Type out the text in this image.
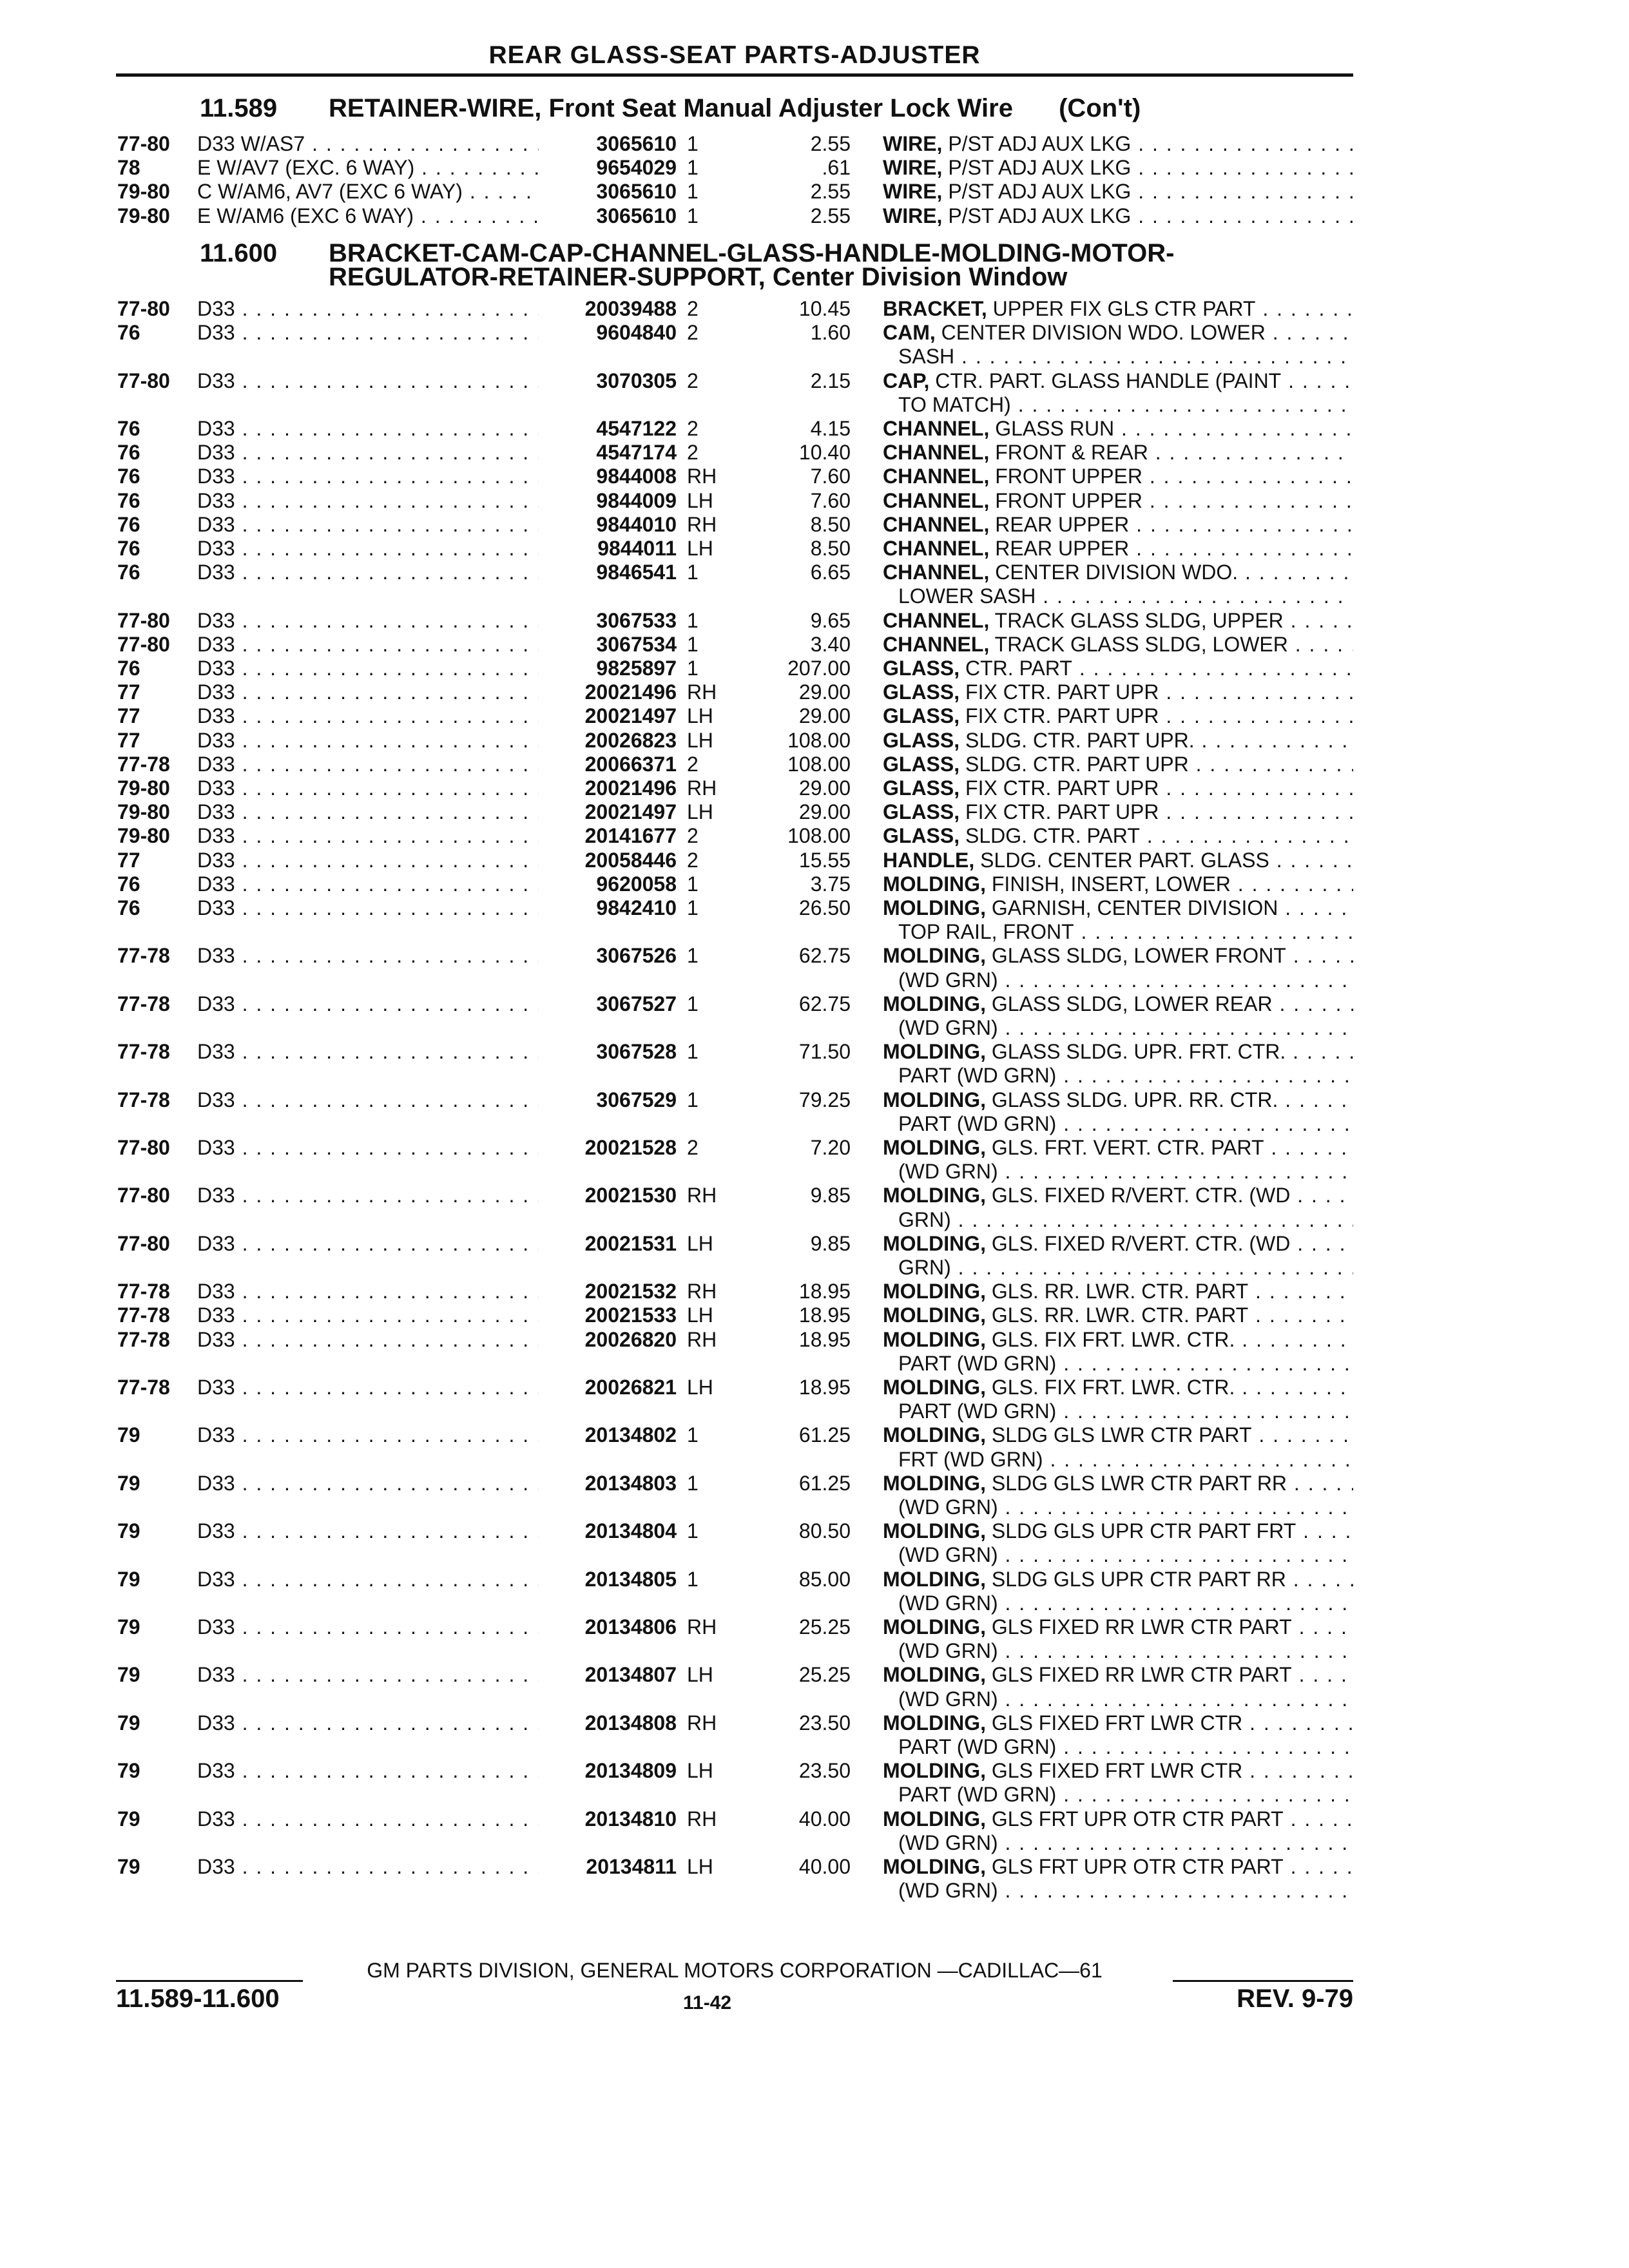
REAR GLASS-SEAT PARTS-ADJUSTER
11.589 RETAINER-WIRE, Front Seat Manual Adjuster Lock Wire (Con't)
11.600 BRACKET-CAM-CAP-CHANNEL-GLASS-HANDLE-MOLDING-MOTOR-
REGULATOR-RETAINER-SUPPORT, Center Division Window
77-80 D33 W/AS7 . . .	3065610 1	2.55 WIRE, P/ST ADJ AUX LKG . . .
78	E W/AV7 (EXC. 6 WAY) . . .	9654029 1	.61 WIRE, P/ST ADJ AUX LKG . . .
79-80 C W/AM6, AV7 (EXC 6 WAY) . . .	3065610 1	2.55 WIRE, P/ST ADJ AUX LKG . . .
79-80 E W/AM6 (EXC 6 WAY) . . .	3065610 1	2.55 WIRE, P/ST ADJ AUX LKG . . .
77-80 D33 . . .	20039488 2	10.45 BRACKET, UPPER FIX GLS CTR PART . . .
76	D33 . . .	9604840 2	1.60 CAM, CENTER DIVISION WDO. LOWER . . .
SASH . . .
77-80 D33 . . .	3070305 2	2.15 CAP, CTR. PART. GLASS HANDLE (PAINT . . .
TO MATCH) . . .
76	D33 . . .	4547122 2	4.15 CHANNEL, GLASS RUN . . .
76	D33 . . .	4547174 2	10.40 CHANNEL, FRONT & REAR . . .
76	D33 . . .	9844008 RH	7.60 CHANNEL, FRONT UPPER . . .
76	D33 . . .	9844009 LH	7.60 CHANNEL, FRONT UPPER . . .
76	D33 . . .	9844010 RH	8.50 CHANNEL, REAR UPPER . . .
76	D33 . . .	9844011 LH	8.50 CHANNEL, REAR UPPER . . .
76	D33 . . .	9846541 1	6.65 CHANNEL, CENTER DIVISION WDO. . . .
LOWER SASH . . .
77-80 D33 . . .	3067533 1	9.65 CHANNEL, TRACK GLASS SLDG, UPPER . . .
77-80 D33 . . .	3067534 1	3.40 CHANNEL, TRACK GLASS SLDG, LOWER . . .
76	D33 . . .	9825897 1	207.00 GLASS, CTR. PART . . .
77	D33 . . .	20021496 RH	29.00 GLASS, FIX CTR. PART UPR . . .
77	D33 . . .	20021497 LH	29.00 GLASS, FIX CTR. PART UPR . . .
77	D33 . . .	20026823 LH	108.00 GLASS, SLDG. CTR. PART UPR. . . .
77-78 D33 . . .	20066371 2	108.00 GLASS, SLDG. CTR. PART UPR . . .
79-80 D33 . . .	20021496 RH	29.00 GLASS, FIX CTR. PART UPR . . .
79-80 D33 . . .	20021497 LH	29.00 GLASS, FIX CTR. PART UPR . . .
79-80 D33 . . .	20141677 2	108.00 GLASS, SLDG. CTR. PART . . .
77	D33 . . .	20058446 2	15.55 HANDLE, SLDG. CENTER PART. GLASS . . .
76	D33 . . .	9620058 1	3.75 MOLDING, FINISH, INSERT, LOWER . . .
76	D33 . . .	9842410 1	26.50 MOLDING, GARNISH, CENTER DIVISION . . .
TOP RAIL, FRONT . . .
77-78 D33 . . .	3067526 1	62.75 MOLDING, GLASS SLDG, LOWER FRONT . . .
(WD GRN) . . .
77-78 D33 . . .	3067527 1	62.75 MOLDING, GLASS SLDG, LOWER REAR . . .
(WD GRN) . . .
77-78 D33 . . .	3067528 1	71.50 MOLDING, GLASS SLDG. UPR. FRT. CTR. . . .
PART (WD GRN) . . .
77-78 D33 . . .	3067529 1	79.25 MOLDING, GLASS SLDG. UPR. RR. CTR. . . .
PART (WD GRN) . . .
77-80 D33 . . .	20021528 2	7.20 MOLDING, GLS. FRT. VERT. CTR. PART . . .
(WD GRN) . . .
77-80 D33 . . .	20021530 RH	9.85 MOLDING, GLS. FIXED R/VERT. CTR. (WD . . .
GRN) . . .
77-80 D33 . . .	20021531 LH	9.85 MOLDING, GLS. FIXED R/VERT. CTR. (WD . . .
GRN) . . .
77-78 D33 . . .	20021532 RH	18.95 MOLDING, GLS. RR. LWR. CTR. PART . . .
77-78 D33 . . .	20021533 LH	18.95 MOLDING, GLS. RR. LWR. CTR. PART . . .
77-78 D33 . . .	20026820 RH	18.95 MOLDING, GLS. FIX FRT. LWR. CTR. . . .
PART (WD GRN) . . .
77-78 D33 . . .	20026821 LH	18.95 MOLDING, GLS. FIX FRT. LWR. CTR. . . .
PART (WD GRN) . . .
79	D33 . . .	20134802 1	61.25 MOLDING, SLDG GLS LWR CTR PART . . .
FRT (WD GRN) . . .
79	D33 . . .	20134803 1	61.25 MOLDING, SLDG GLS LWR CTR PART RR . . .
(WD GRN) . . .
79	D33 . . .	20134804 1	80.50 MOLDING, SLDG GLS UPR CTR PART FRT . . .
(WD GRN) . . .
79	D33 . . .	20134805 1	85.00 MOLDING, SLDG GLS UPR CTR PART RR . . .
(WD GRN) . . .
79	D33 . . .	20134806 RH	25.25 MOLDING, GLS FIXED RR LWR CTR PART . . .
(WD GRN) . . .
79	D33 . . .	20134807 LH	25.25 MOLDING, GLS FIXED RR LWR CTR PART . . .
(WD GRN) . . .
79	D33 . . .	20134808 RH	23.50 MOLDING, GLS FIXED FRT LWR CTR . . .
PART (WD GRN) . . .
79	D33 . . .	20134809 LH	23.50 MOLDING, GLS FIXED FRT LWR CTR . . .
PART (WD GRN) . . .
79	D33 . . .	20134810 RH	40.00 MOLDING, GLS FRT UPR OTR CTR PART . . .
(WD GRN) . . .
79	D33 . . .	20134811 LH	40.00 MOLDING, GLS FRT UPR OTR CTR PART . . .
(WD GRN) . . .
GM PARTS DIVISION, GENERAL MOTORS CORPORATION —CADILLAC—61
11.589-11.600	11-42	REV. 9-79
